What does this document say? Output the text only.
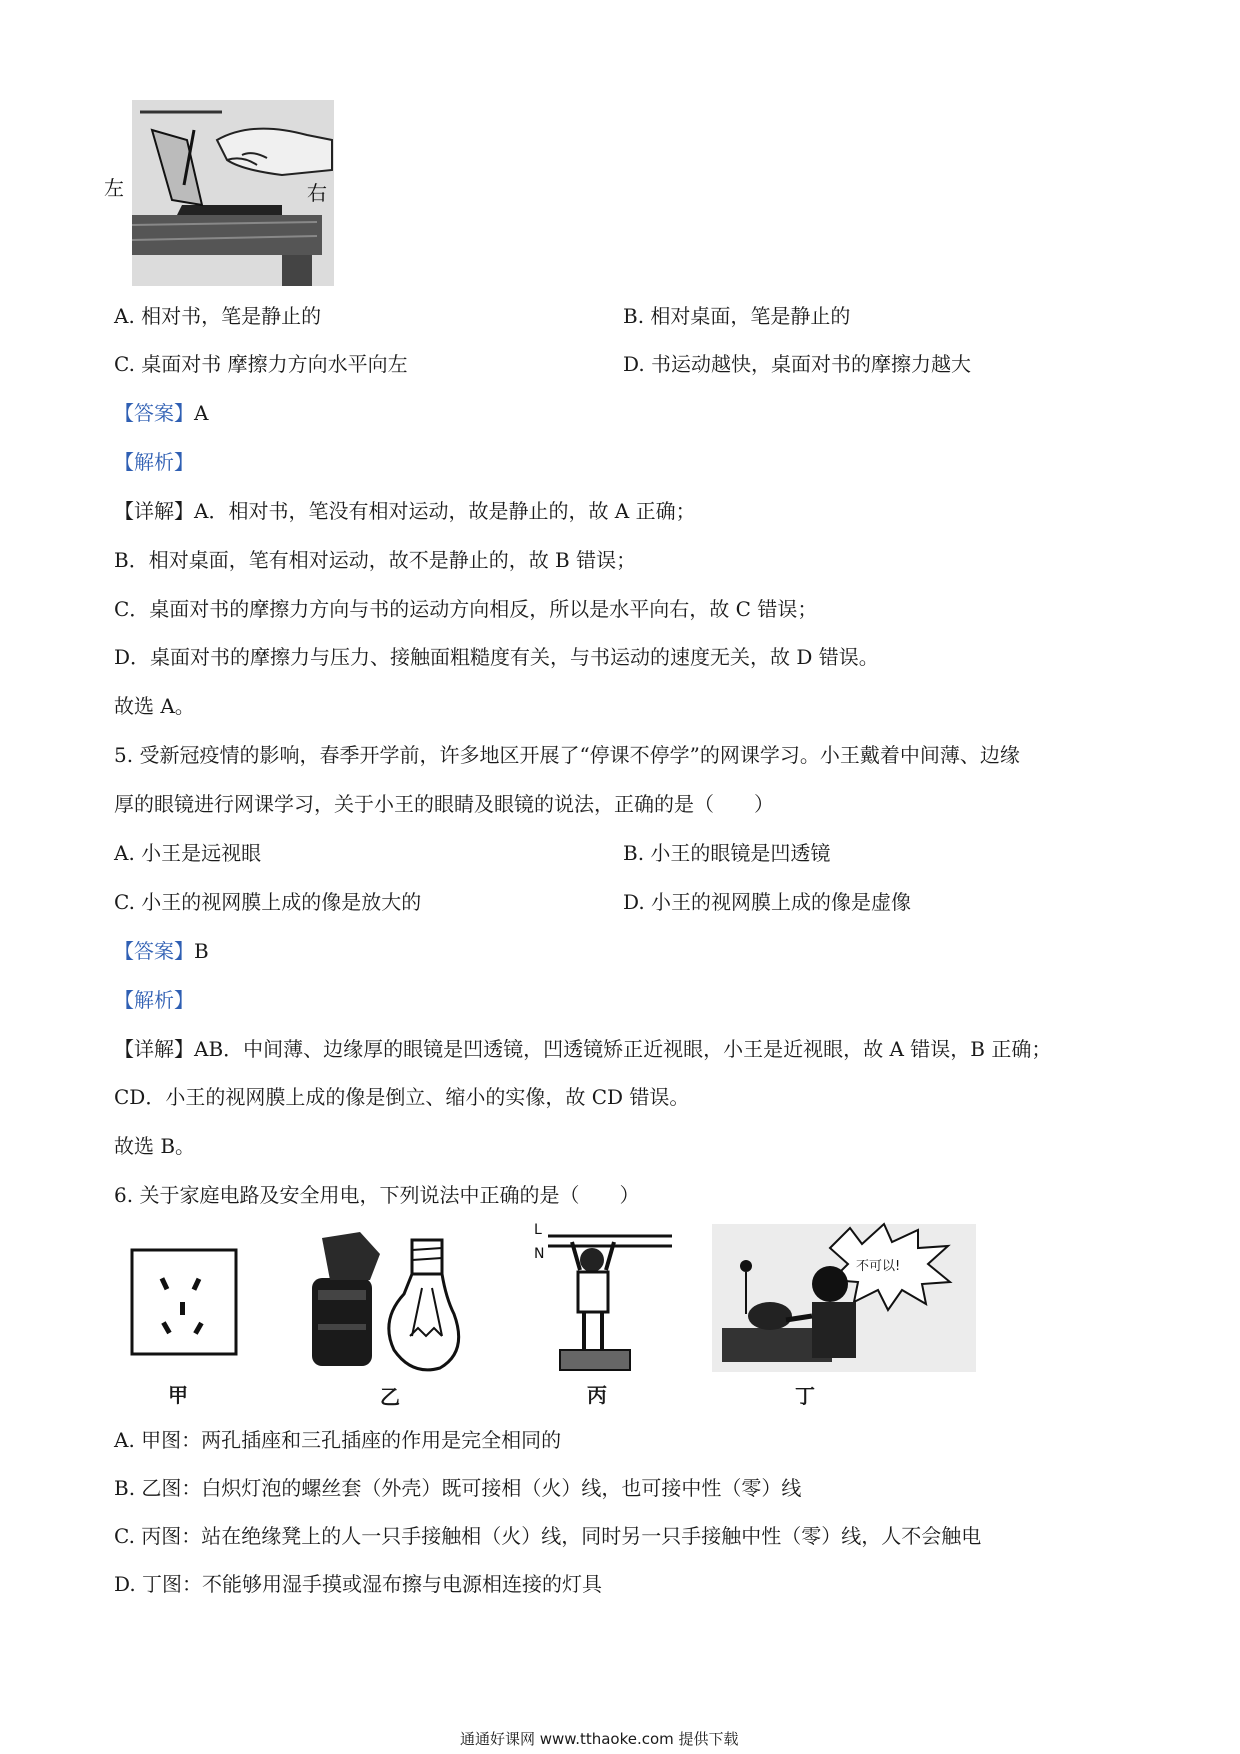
左	右
A. 相对书，笔是静止的	B. 相对桌面，笔是静止的
C. 桌面对书 摩擦力方向水平向左	D. 书运动越快，桌面对书的摩擦力越大
【答案】A
【解析】
【详解】A．相对书，笔没有相对运动，故是静止的，故 A 正确；
B．相对桌面，笔有相对运动，故不是静止的，故 B 错误；
C．桌面对书的摩擦力方向与书的运动方向相反，所以是水平向右，故 C 错误；
D．桌面对书的摩擦力与压力、接触面粗糙度有关，与书运动的速度无关，故 D 错误。
故选 A。
5. 受新冠疫情的影响，春季开学前，许多地区开展了“停课不停学”的网课学习。小王戴着中间薄、边缘
厚的眼镜进行网课学习，关于小王的眼睛及眼镜的说法，正确的是（　　）
A. 小王是远视眼	B. 小王的眼镜是凹透镜
C. 小王的视网膜上成的像是放大的	D. 小王的视网膜上成的像是虚像
【答案】B
【解析】
【详解】AB．中间薄、边缘厚的眼镜是凹透镜，凹透镜矫正近视眼，小王是近视眼，故 A 错误，B 正确；
CD．小王的视网膜上成的像是倒立、缩小的实像，故 CD 错误。
故选 B。
6. 关于家庭电路及安全用电，下列说法中正确的是（　　）
甲	乙
L
N
丙
不可以!
丁
A. 甲图：两孔插座和三孔插座的作用是完全相同的
B. 乙图：白炽灯泡的螺丝套（外壳）既可接相（火）线，也可接中性（零）线
C. 丙图：站在绝缘凳上的人一只手接触相（火）线，同时另一只手接触中性（零）线，人不会触电
D. 丁图：不能够用湿手摸或湿布擦与电源相连接的灯具
通通好课网 www.tthaoke.com 提供下载
